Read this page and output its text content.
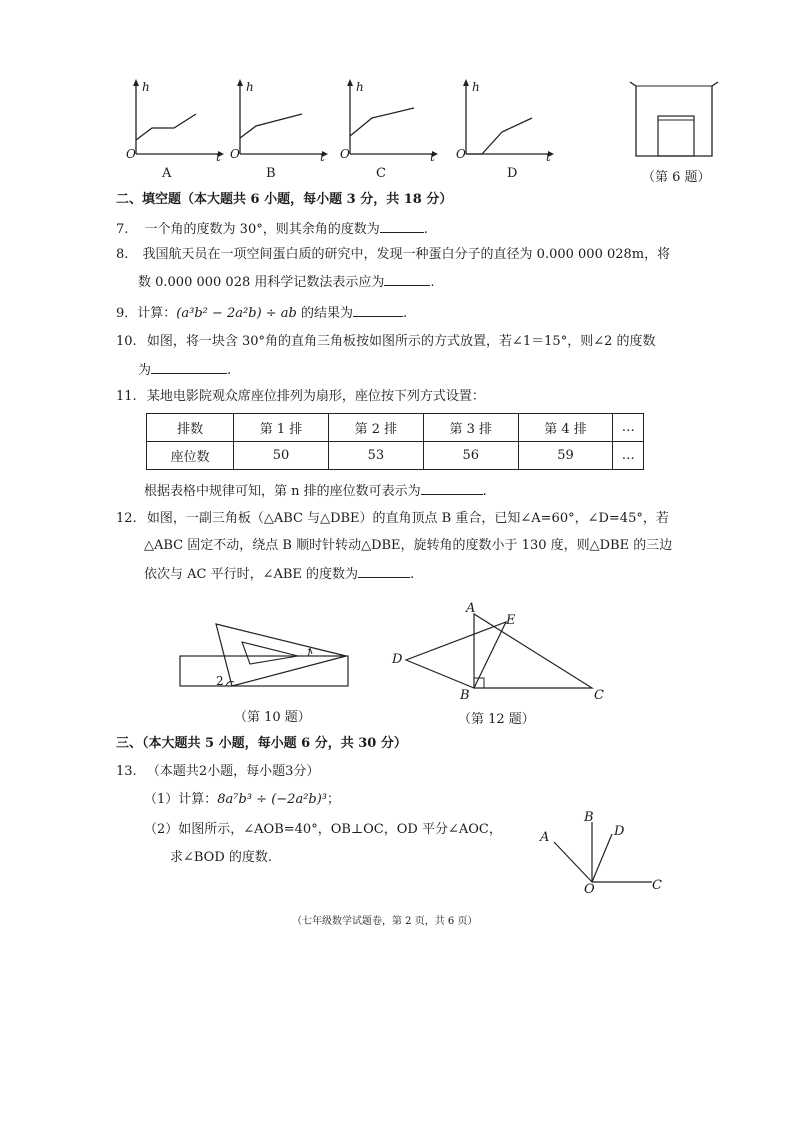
h
O	t
A
h
O	t
B
h
O	t
C
h
O	t
D	（第 6 题）
二、填空题（本大题共 6 小题，每小题 3 分，共 18 分）
7. 一个角的度数为 30°，则其余角的度数为	.
8. 我国航天员在一项空间蛋白质的研究中，发现一种蛋白分子的直径为 0.000 000 028m，将
数 0.000 000 028 用科学记数法表示应为	.
9．计算：(a³b² − 2a²b) ÷ ab 的结果为	.
10. 如图，将一块含 30°角的直角三角板按如图所示的方式放置，若∠1＝15°，则∠2 的度数
为	.
11. 某地电影院观众席座位排列为扇形，座位按下列方式设置：
排数	第 1 排	第 2 排	第 3 排	第 4 排	…
座位数	50	53	56	59	…
根据表格中规律可知，第 n 排的座位数可表示为	.
12. 如图，一副三角板（△ABC 与△DBE）的直角顶点 B 重合，已知∠A=60°，∠D=45°，若
△ABC 固定不动，绕点 B 顺时针转动△DBE，旋转角的度数小于 130 度，则△DBE 的三边
依次与 AC 平行时，∠ABE 的度数为	.
1
2
（第 10 题）
A
E
D
B	C
（第 12 题）
三、（本大题共 5 小题，每小题 6 分，共 30 分）
13. （本题共2小题，每小题3分）
（1）计算：8a⁷b³ ÷ (−2a²b)³；
（2）如图所示，∠AOB=40°，OB⊥OC，OD 平分∠AOC，
求∠BOD 的度数.
A
B
D
O	C
（七年级数学试题卷，第 2 页，共 6 页）
